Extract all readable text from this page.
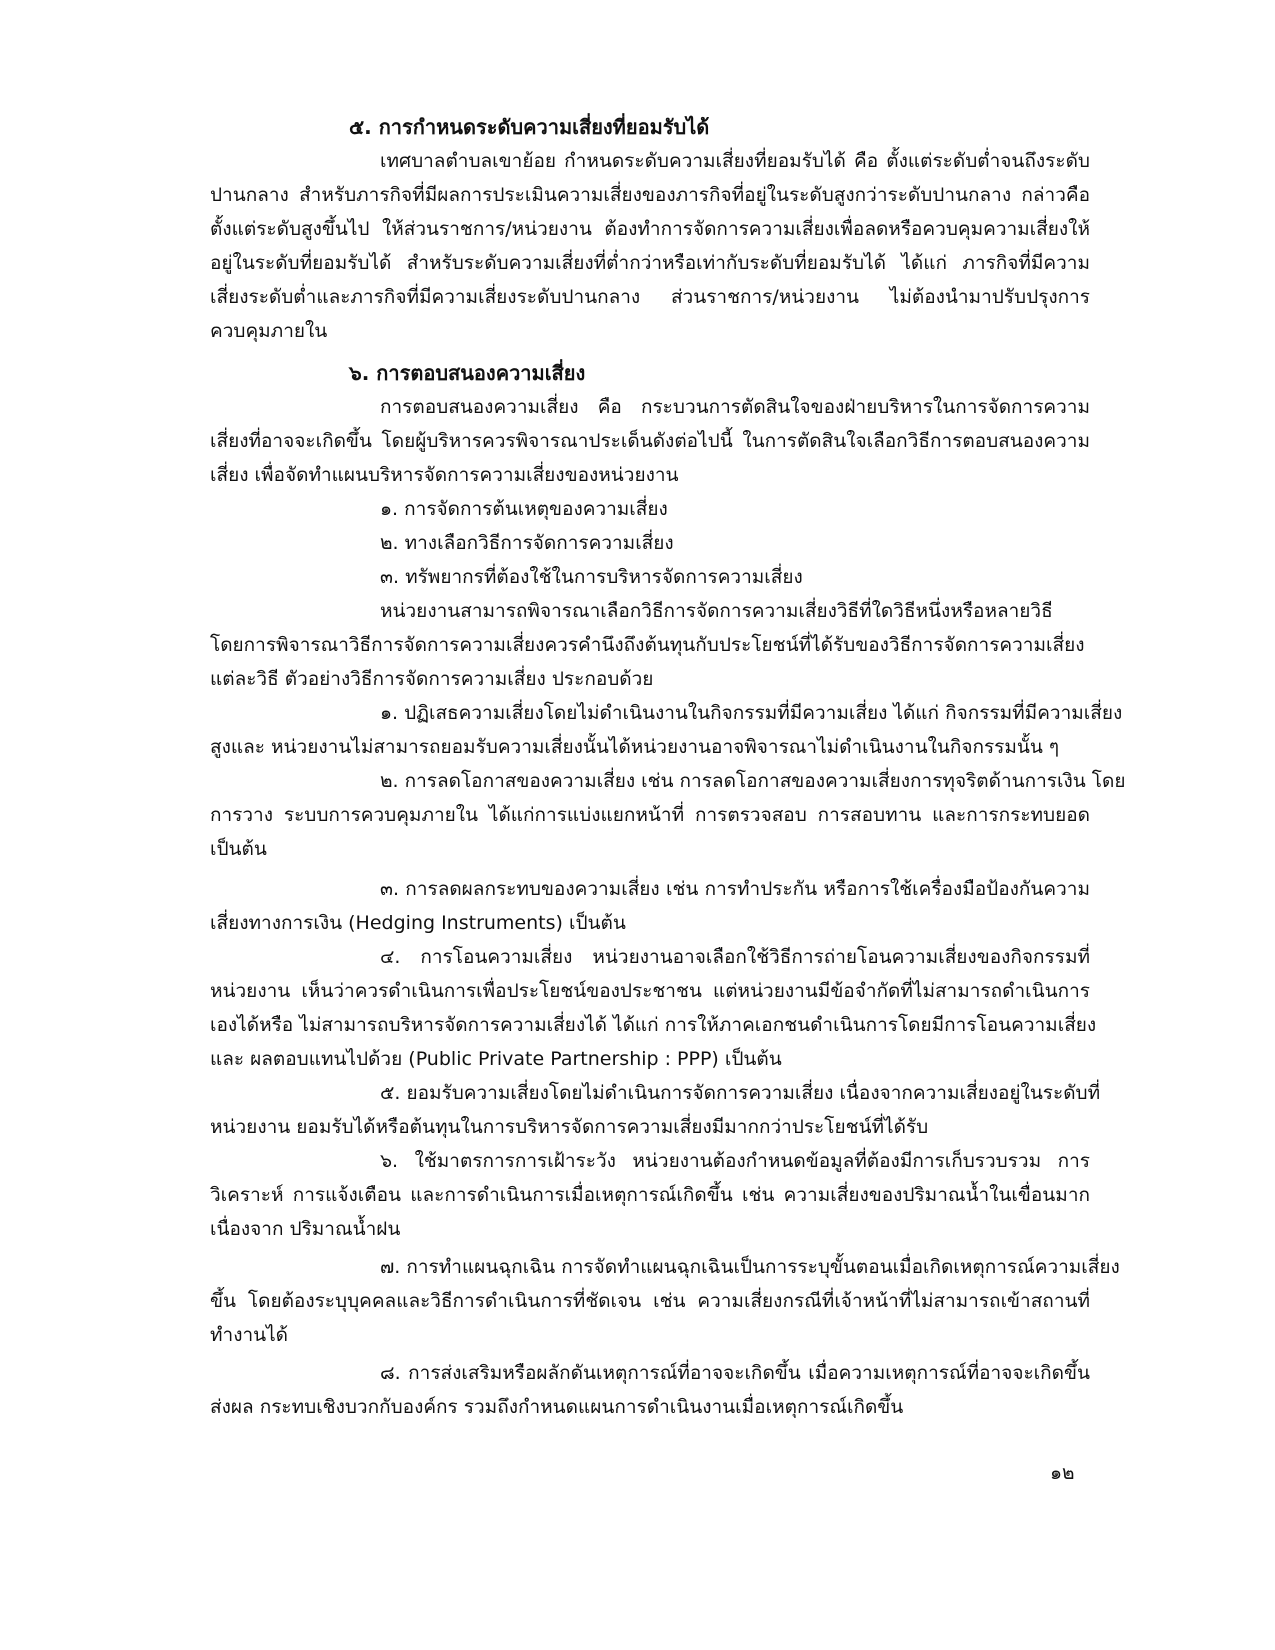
๕. การกำหนดระดับความเสี่ยงที่ยอมรับได้
เทศบาลตำบลเขาย้อย กำหนดระดับความเสี่ยงที่ยอมรับได้ คือ ตั้งแต่ระดับต่ำจนถึงระดับ
ปานกลาง สำหรับภารกิจที่มีผลการประเมินความเสี่ยงของภารกิจที่อยู่ในระดับสูงกว่าระดับปานกลาง กล่าวคือ
ตั้งแต่ระดับสูงขึ้นไป ให้ส่วนราชการ/หน่วยงาน ต้องทำการจัดการความเสี่ยงเพื่อลดหรือควบคุมความเสี่ยงให้
อยู่ในระดับที่ยอมรับได้ สำหรับระดับความเสี่ยงที่ต่ำกว่าหรือเท่ากับระดับที่ยอมรับได้ ได้แก่ ภารกิจที่มีความ
เสี่ยงระดับต่ำและภารกิจที่มีความเสี่ยงระดับปานกลาง ส่วนราชการ/หน่วยงาน ไม่ต้องนำมาปรับปรุงการ
ควบคุมภายใน
๖. การตอบสนองความเสี่ยง
การตอบสนองความเสี่ยง คือ กระบวนการตัดสินใจของฝ่ายบริหารในการจัดการความ
เสี่ยงที่อาจจะเกิดขึ้น โดยผู้บริหารควรพิจารณาประเด็นดังต่อไปนี้ ในการตัดสินใจเลือกวิธีการตอบสนองความ
เสี่ยง เพื่อจัดทำแผนบริหารจัดการความเสี่ยงของหน่วยงาน
๑. การจัดการต้นเหตุของความเสี่ยง
๒. ทางเลือกวิธีการจัดการความเสี่ยง
๓. ทรัพยากรที่ต้องใช้ในการบริหารจัดการความเสี่ยง
หน่วยงานสามารถพิจารณาเลือกวิธีการจัดการความเสี่ยงวิธีที่ใดวิธีหนึ่งหรือหลายวิธี
โดยการพิจารณาวิธีการจัดการความเสี่ยงควรคำนึงถึงต้นทุนกับประโยชน์ที่ได้รับของวิธีการจัดการความเสี่ยง
แต่ละวิธี ตัวอย่างวิธีการจัดการความเสี่ยง ประกอบด้วย
๑. ปฏิเสธความเสี่ยงโดยไม่ดำเนินงานในกิจกรรมที่มีความเสี่ยง ได้แก่ กิจกรรมที่มีความเสี่ยง
สูงและ หน่วยงานไม่สามารถยอมรับความเสี่ยงนั้นได้หน่วยงานอาจพิจารณาไม่ดำเนินงานในกิจกรรมนั้น ๆ
๒. การลดโอกาสของความเสี่ยง เช่น การลดโอกาสของความเสี่ยงการทุจริตด้านการเงิน โดย
การวาง ระบบการควบคุมภายใน ได้แก่การแบ่งแยกหน้าที่ การตรวจสอบ การสอบทาน และการกระทบยอด
เป็นต้น
๓. การลดผลกระทบของความเสี่ยง เช่น การทำประกัน หรือการใช้เครื่องมือป้องกันความ
เสี่ยงทางการเงิน (Hedging Instruments) เป็นต้น
๔. การโอนความเสี่ยง หน่วยงานอาจเลือกใช้วิธีการถ่ายโอนความเสี่ยงของกิจกรรมที่
หน่วยงาน เห็นว่าควรดำเนินการเพื่อประโยชน์ของประชาชน แต่หน่วยงานมีข้อจำกัดที่ไม่สามารถดำเนินการ
เองได้หรือ ไม่สามารถบริหารจัดการความเสี่ยงได้ ได้แก่ การให้ภาคเอกชนดำเนินการโดยมีการโอนความเสี่ยง
และ ผลตอบแทนไปด้วย (Public Private Partnership : PPP) เป็นต้น
๕. ยอมรับความเสี่ยงโดยไม่ดำเนินการจัดการความเสี่ยง เนื่องจากความเสี่ยงอยู่ในระดับที่
หน่วยงาน ยอมรับได้หรือต้นทุนในการบริหารจัดการความเสี่ยงมีมากกว่าประโยชน์ที่ได้รับ
๖. ใช้มาตรการการเฝ้าระวัง หน่วยงานต้องกำหนดข้อมูลที่ต้องมีการเก็บรวบรวม การ
วิเคราะห์ การแจ้งเตือน และการดำเนินการเมื่อเหตุการณ์เกิดขึ้น เช่น ความเสี่ยงของปริมาณน้ำในเขื่อนมาก
เนื่องจาก ปริมาณน้ำฝน
๗. การทำแผนฉุกเฉิน การจัดทำแผนฉุกเฉินเป็นการระบุขั้นตอนเมื่อเกิดเหตุการณ์ความเสี่ยง
ขึ้น โดยต้องระบุบุคคลและวิธีการดำเนินการที่ชัดเจน เช่น ความเสี่ยงกรณีที่เจ้าหน้าที่ไม่สามารถเข้าสถานที่
ทำงานได้
๘. การส่งเสริมหรือผลักดันเหตุการณ์ที่อาจจะเกิดขึ้น เมื่อความเหตุการณ์ที่อาจจะเกิดขึ้น
ส่งผล กระทบเชิงบวกกับองค์กร รวมถึงกำหนดแผนการดำเนินงานเมื่อเหตุการณ์เกิดขึ้น
๑๒
